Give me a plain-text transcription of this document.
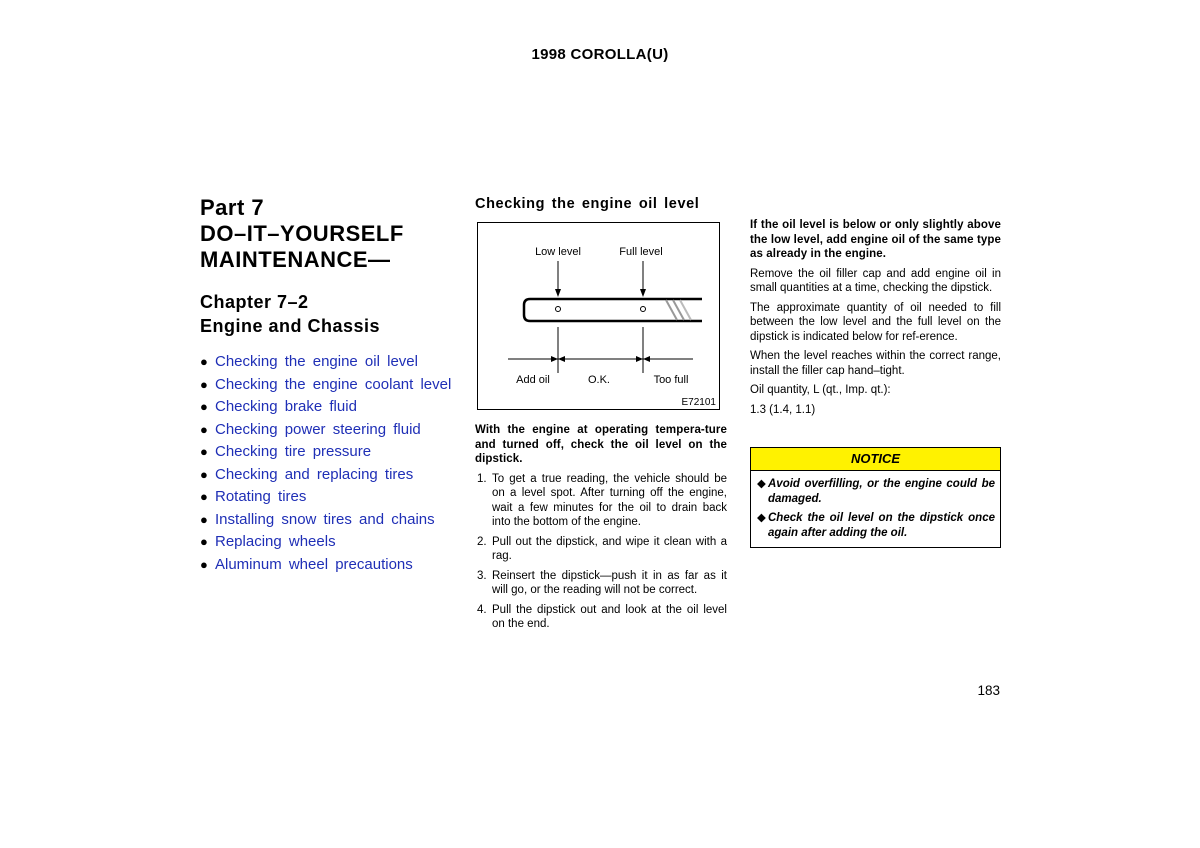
1998 COROLLA(U)
Part 7
DO–IT–YOURSELF
MAINTENANCE—
Chapter 7–2
Engine and Chassis
● Checking the engine oil level
● Checking the engine coolant level
● Checking brake fluid
● Checking power steering fluid
● Checking tire pressure
● Checking and replacing tires
● Rotating tires
● Installing snow tires and chains
● Replacing wheels
● Aluminum wheel precautions
Checking the engine oil level
Low level	Full level
Add oil	O.K.	Too full
E72101

With the engine at operating tempera-ture and turned off, check the oil level on the dipstick.

1. To get a true reading, the vehicle should be on a level spot. After turning off the engine, wait a few minutes for the oil to drain back into the bottom of the engine.
2. Pull out the dipstick, and wipe it clean with a rag.
3. Reinsert the dipstick—push it in as far as it will go, or the reading will not be correct.
4. Pull the dipstick out and look at the oil level on the end.

If the oil level is below or only slightly above the low level, add engine oil of the same type as already in the engine.

Remove the oil filler cap and add engine oil in small quantities at a time, checking the dipstick.

The approximate quantity of oil needed to fill between the low level and the full level on the dipstick is indicated below for ref-erence.

When the level reaches within the correct range, install the filler cap hand–tight.

Oil quantity, L (qt., Imp. qt.):

1.3 (1.4, 1.1)

NOTICE

◆ Avoid overfilling, or the engine could be damaged.

◆ Check the oil level on the dipstick once again after adding the oil.

183
